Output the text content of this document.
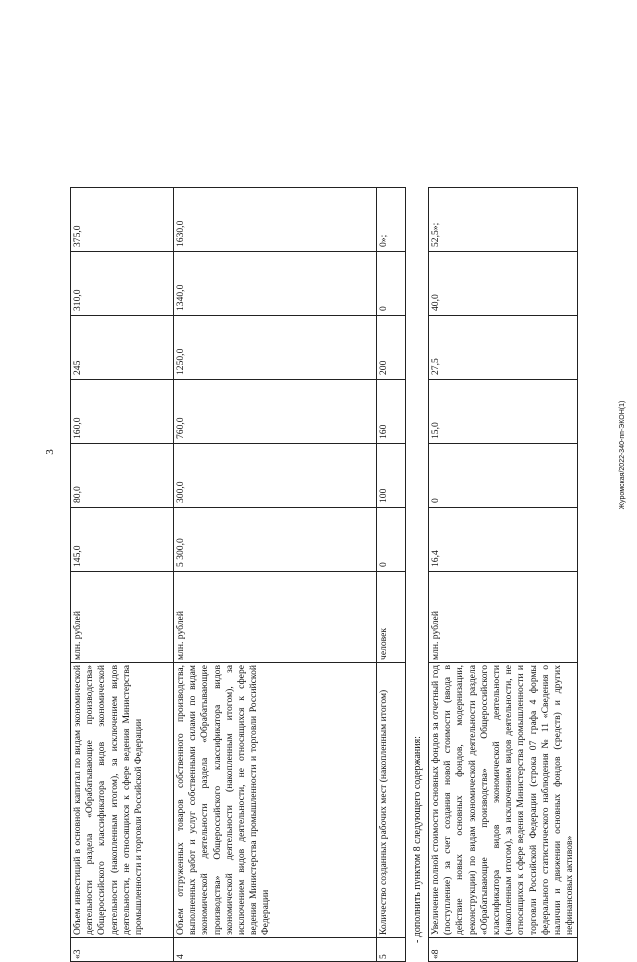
3	Журомская/2022-340-пп-ЭКОН(1)
«3	Объем инвестиций в основной капитал по видам экономической деятельности раздела «Обрабатывающие производства» Общероссийского классификатора видов экономической деятельности (накопленным итогом), за исключением видов деятельности, не относящихся к сфере ведения Министерства промышленности и торговли Российской Федерации	млн. рублей	145,0	80,0	160,0	245	310,0	375,0
4	Объем отгруженных товаров собственного производства, выполненных работ и услуг собственными силами по видам экономической деятельности раздела «Обрабатывающие производства» Общероссийского классификатора видов экономической деятельности (накопленным итогом), за исключением видов деятельности, не относящихся к сфере ведения Министерства промышленности и торговли Российской Федерации	млн. рублей	5 300,0	300,0	760,0	1250,0	1340,0	1630,0
5	Количество созданных рабочих мест (накопленным итогом)	человек	0	100	160	200	0	0»;
- дополнить пунктом 8 следующего содержания:
«8	Увеличение полной стоимости основных фондов за отчетный год (поступление) за счет создания новой стоимости (ввода в действие новых основных фондов, модернизации, реконструкции) по видам экономической деятельности раздела «Обрабатывающие производства» Общероссийского классификатора видов экономической деятельности (накопленным итогом), за исключением видов деятельности, не относящихся к сфере ведения Министерства промышленности и торговли Российской Федерации (строка 07 графа 4 формы федерального статистического наблюдения № 11 «Сведения о наличии и движении основных фондов (средств) и других нефинансовых активов»	млн. рублей	16,4	0	15,0	27,5	40,0	52,5»;
